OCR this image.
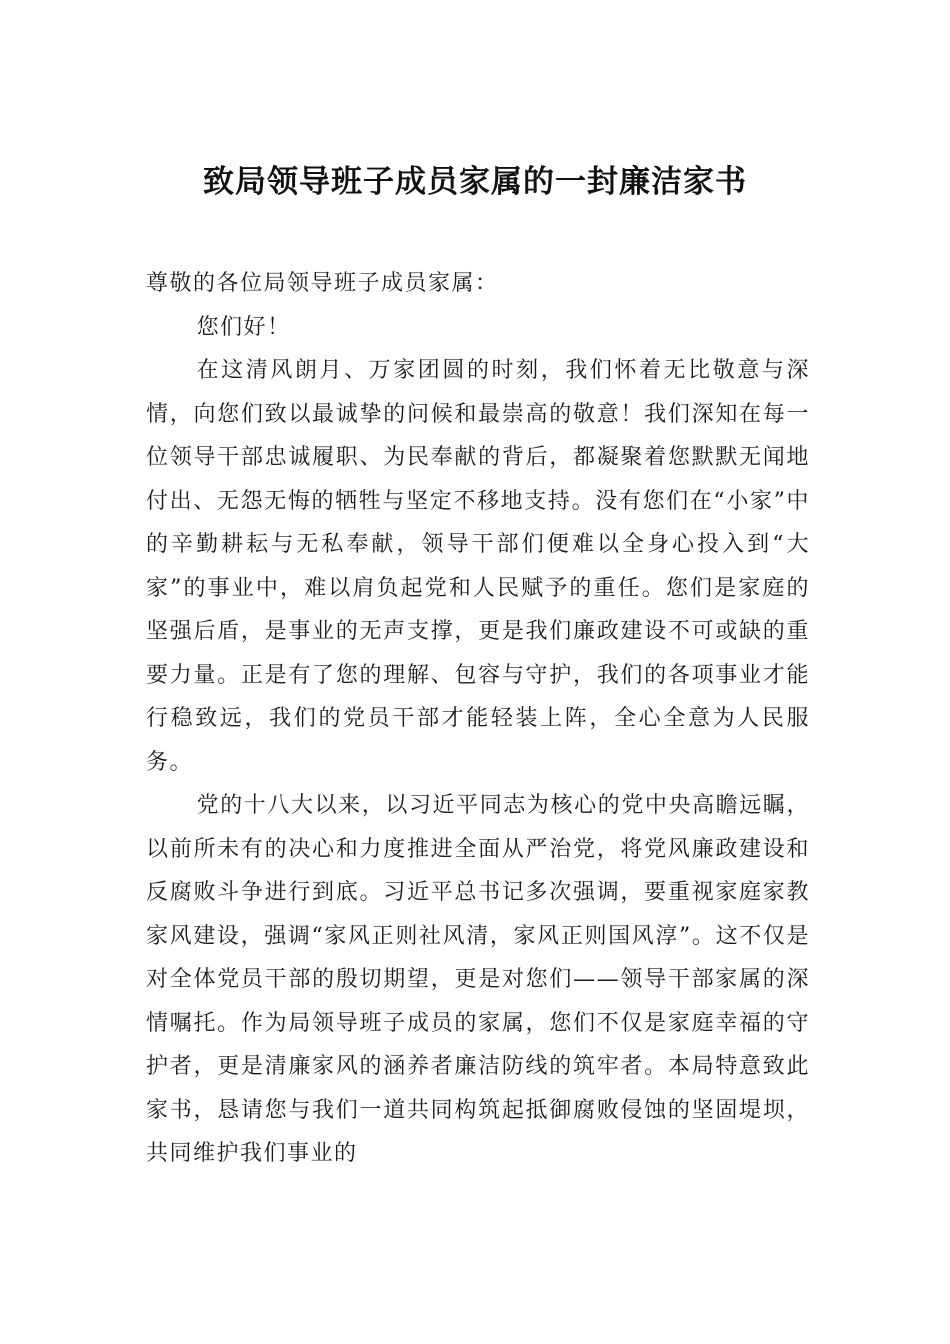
致局领导班子成员家属的一封廉洁家书

尊敬的各位局领导班子成员家属：

您们好！

在这清风朗月、万家团圆的时刻，我们怀着无比敬意与深情，向您们致以最诚挚的问候和最崇高的敬意！我们深知在每一位领导干部忠诚履职、为民奉献的背后，都凝聚着您默默无闻地付出、无怨无悔的牺牲与坚定不移地支持。没有您们在“小家”中的辛勤耕耘与无私奉献，领导干部们便难以全身心投入到“大家”的事业中，难以肩负起党和人民赋予的重任。您们是家庭的坚强后盾，是事业的无声支撑，更是我们廉政建设不可或缺的重要力量。正是有了您的理解、包容与守护，我们的各项事业才能行稳致远，我们的党员干部才能轻装上阵，全心全意为人民服务。

党的十八大以来，以习近平同志为核心的党中央高瞻远瞩，以前所未有的决心和力度推进全面从严治党，将党风廉政建设和反腐败斗争进行到底。习近平总书记多次强调，要重视家庭家教家风建设，强调“家风正则社风清，家风正则国风淳”。这不仅是对全体党员干部的殷切期望，更是对您们——领导干部家属的深情嘱托。作为局领导班子成员的家属，您们不仅是家庭幸福的守护者，更是清廉家风的涵养者廉洁防线的筑牢者。本局特意致此家书，恳请您与我们一道共同构筑起抵御腐败侵蚀的坚固堤坝，共同维护我们事业的
